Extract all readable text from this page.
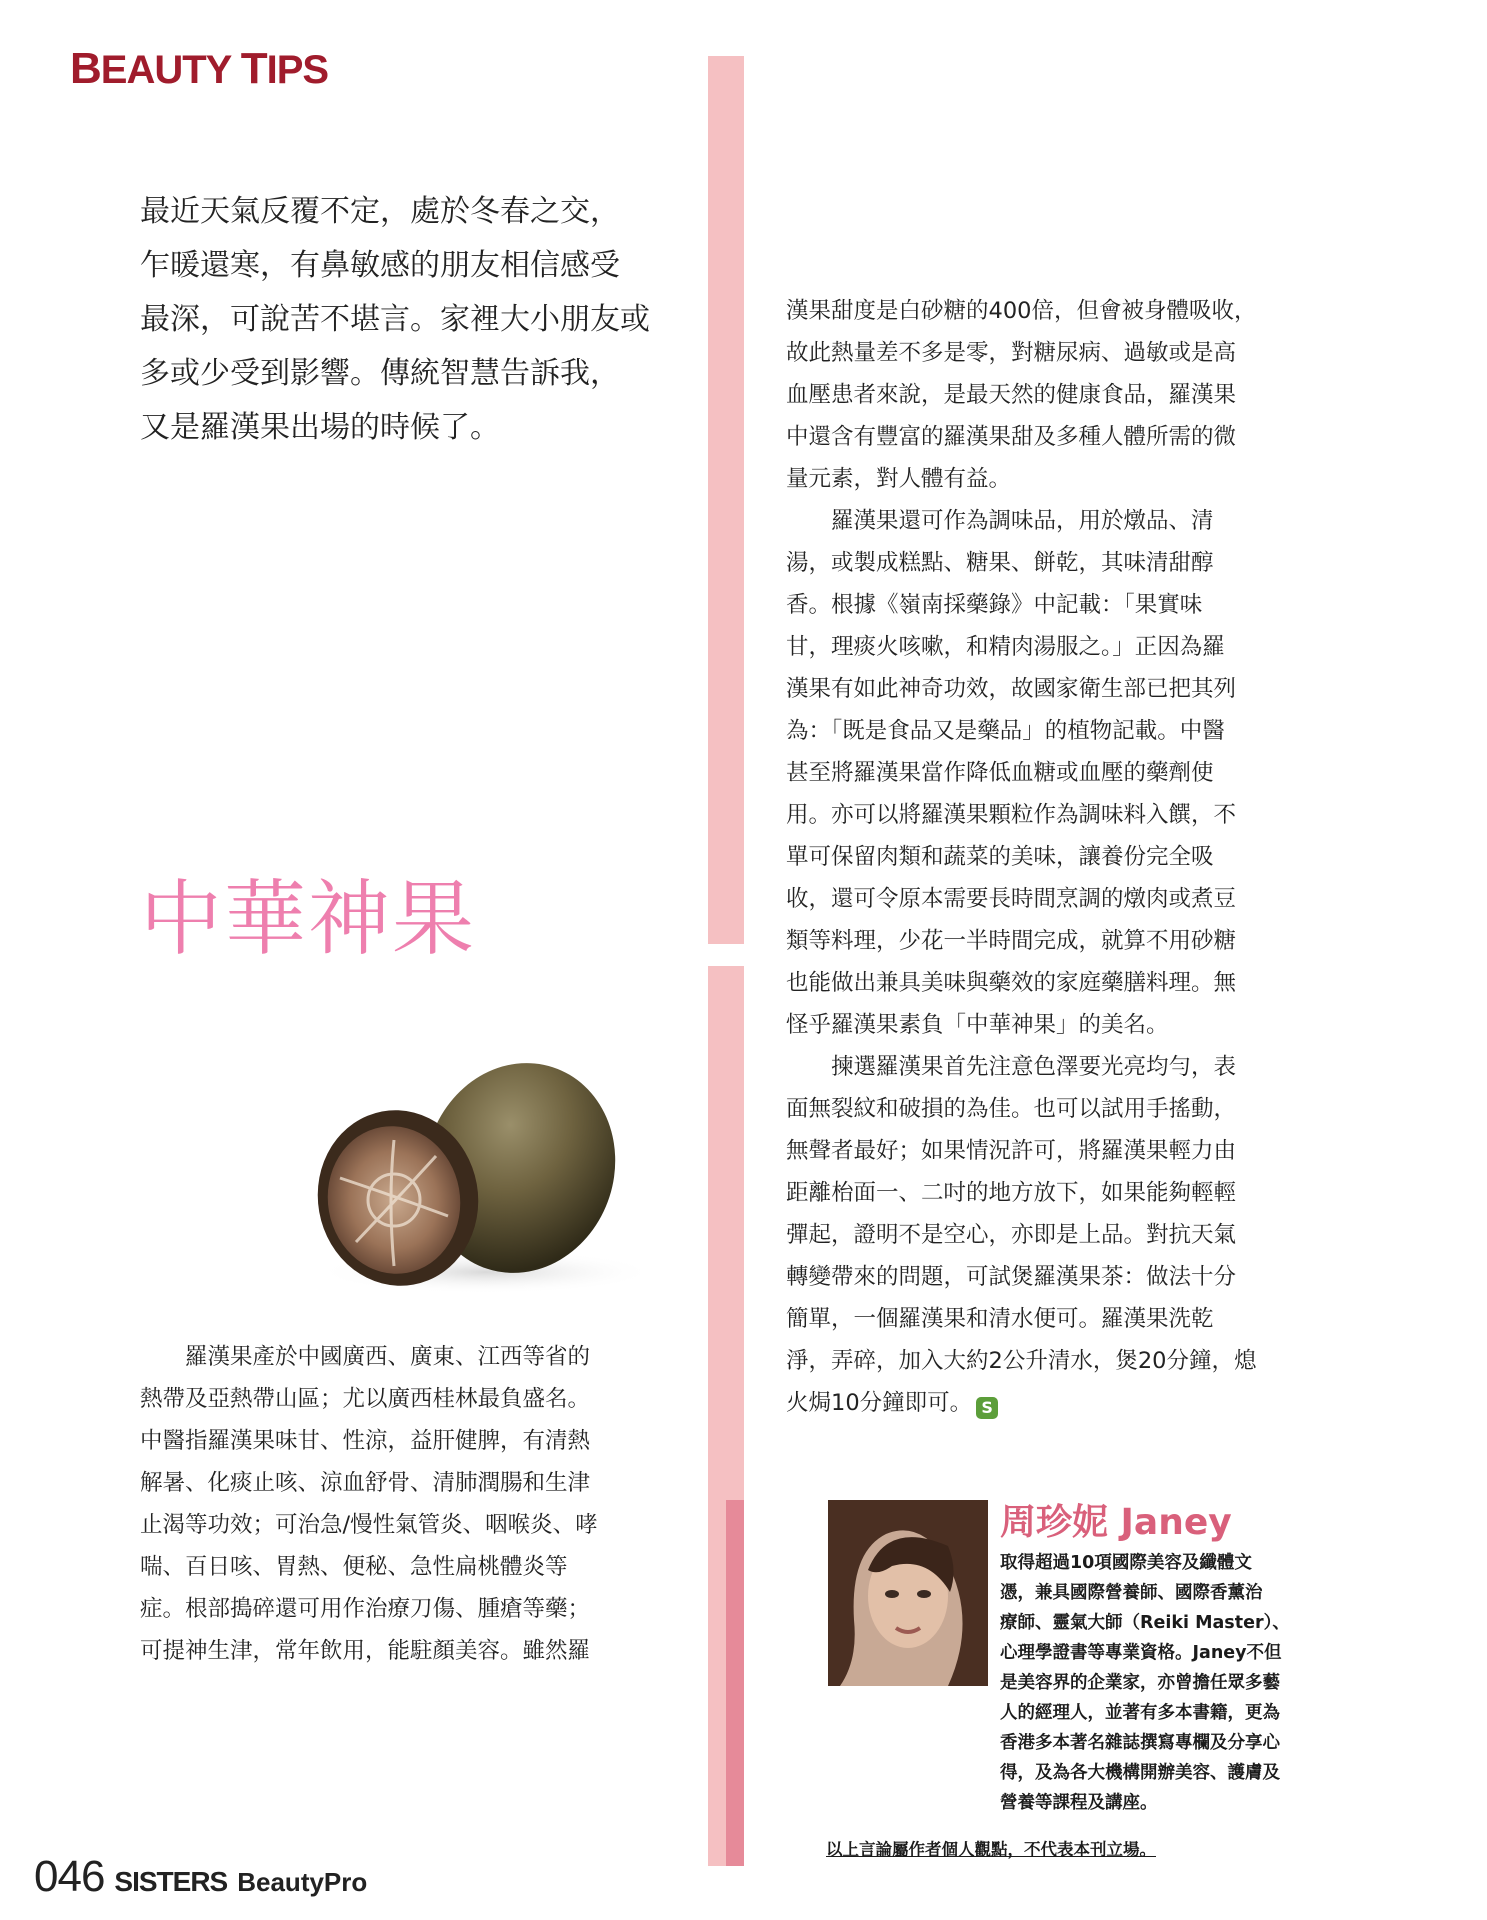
BEAUTY TIPS

最近天氣反覆不定，處於冬春之交，
乍暖還寒，有鼻敏感的朋友相信感受
最深，可說苦不堪言。家裡大小朋友或
多或少受到影響。傳統智慧告訴我，
又是羅漢果出場的時候了。

中華神果

　　羅漢果產於中國廣西、廣東、江西等省的
熱帶及亞熱帶山區；尤以廣西桂林最負盛名。
中醫指羅漢果味甘、性涼，益肝健脾，有清熱
解暑、化痰止咳、涼血舒骨、清肺潤腸和生津
止渴等功效；可治急/慢性氣管炎、咽喉炎、哮
喘、百日咳、胃熱、便秘、急性扁桃體炎等
症。根部搗碎還可用作治療刀傷、腫瘡等藥；
可提神生津，常年飲用，能駐顏美容。雖然羅

漢果甜度是白砂糖的400倍，但會被身體吸收，
故此熱量差不多是零，對糖尿病、過敏或是高
血壓患者來說，是最天然的健康食品，羅漢果
中還含有豐富的羅漢果甜及多種人體所需的微
量元素，對人體有益。
　　羅漢果還可作為調味品，用於燉品、清
湯，或製成糕點、糖果、餅乾，其味清甜醇
香。根據《嶺南採藥錄》中記載：「果實味
甘，理痰火咳嗽，和精肉湯服之。」正因為羅
漢果有如此神奇功效，故國家衛生部已把其列
為：「既是食品又是藥品」的植物記載。中醫
甚至將羅漢果當作降低血糖或血壓的藥劑使
用。亦可以將羅漢果顆粒作為調味料入饌，不
單可保留肉類和蔬菜的美味，讓養份完全吸
收，還可令原本需要長時間烹調的燉肉或煮豆
類等料理，少花一半時間完成，就算不用砂糖
也能做出兼具美味與藥效的家庭藥膳料理。無
怪乎羅漢果素負「中華神果」的美名。
　　揀選羅漢果首先注意色澤要光亮均勻，表
面無裂紋和破損的為佳。也可以試用手搖動，
無聲者最好；如果情況許可，將羅漢果輕力由
距離枱面一、二吋的地方放下，如果能夠輕輕
彈起，證明不是空心，亦即是上品。對抗天氣
轉變帶來的問題，可試煲羅漢果茶：做法十分
簡單，一個羅漢果和清水便可。羅漢果洗乾
淨，弄碎，加入大約2公升清水，煲20分鐘，熄
火焗10分鐘即可。 S

周珍妮 Janey

取得超過10項國際美容及纖體文
憑，兼具國際營養師、國際香薰治
療師、靈氣大師（Reiki Master）、
心理學證書等專業資格。Janey不但
是美容界的企業家，亦曾擔任眾多藝
人的經理人，並著有多本書籍，更為
香港多本著名雜誌撰寫專欄及分享心
得，及為各大機構開辦美容、護膚及
營養等課程及講座。

以上言論屬作者個人觀點，不代表本刊立場。

046 SISTERS BeautyPro
